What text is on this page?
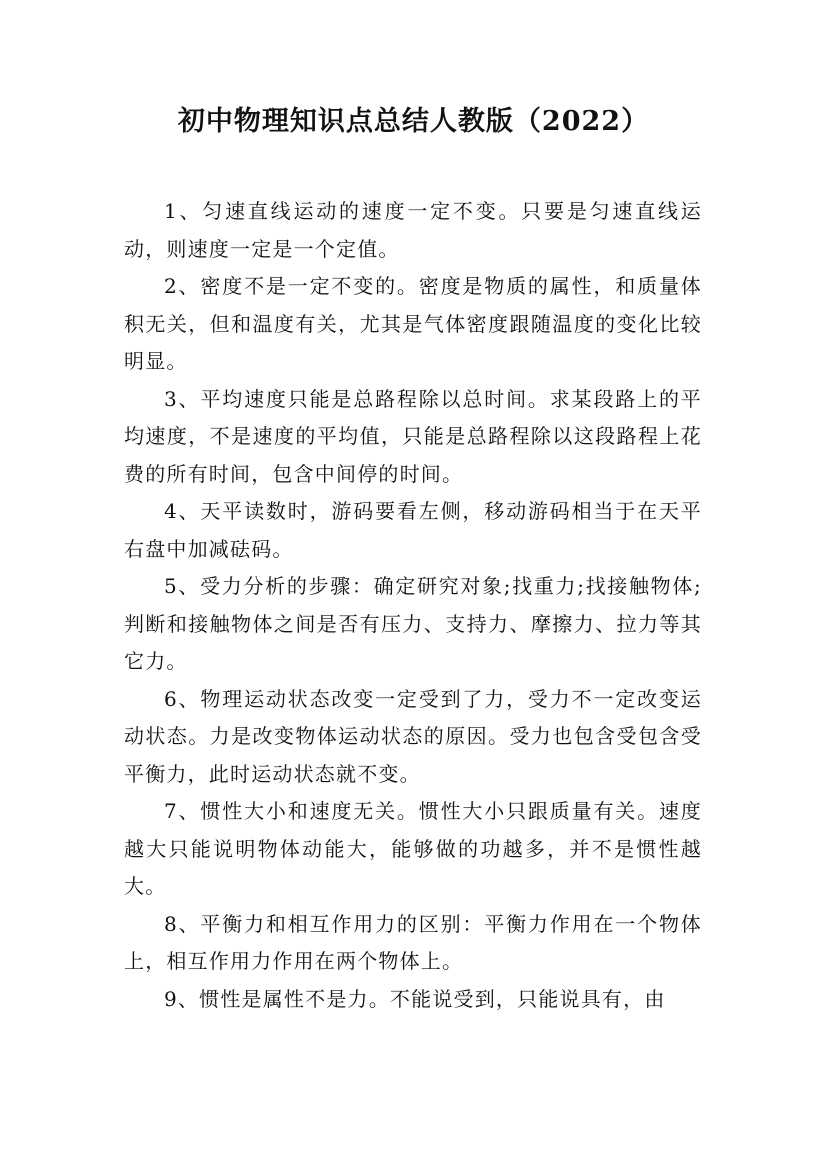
初中物理知识点总结人教版（2022）

1、匀速直线运动的速度一定不变。只要是匀速直线运动，则速度一定是一个定值。

2、密度不是一定不变的。密度是物质的属性，和质量体积无关，但和温度有关，尤其是气体密度跟随温度的变化比较明显。

3、平均速度只能是总路程除以总时间。求某段路上的平均速度，不是速度的平均值，只能是总路程除以这段路程上花费的所有时间，包含中间停的时间。

4、天平读数时，游码要看左侧，移动游码相当于在天平右盘中加减砝码。

5、受力分析的步骤：确定研究对象;找重力;找接触物体;判断和接触物体之间是否有压力、支持力、摩擦力、拉力等其它力。

6、物理运动状态改变一定受到了力，受力不一定改变运动状态。力是改变物体运动状态的原因。受力也包含受包含受平衡力，此时运动状态就不变。

7、惯性大小和速度无关。惯性大小只跟质量有关。速度越大只能说明物体动能大，能够做的功越多，并不是惯性越大。

8、平衡力和相互作用力的区别：平衡力作用在一个物体上，相互作用力作用在两个物体上。

9、惯性是属性不是力。不能说受到，只能说具有，由
